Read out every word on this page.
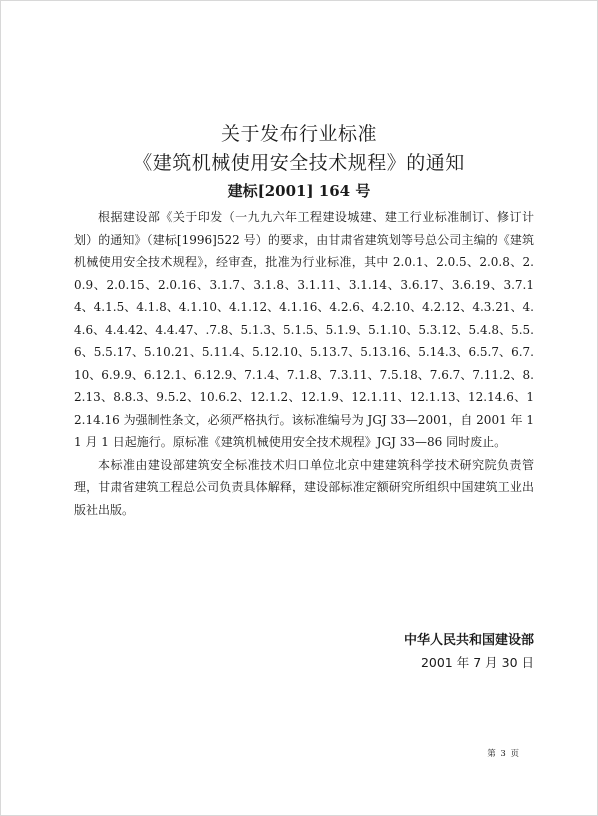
关于发布行业标准
《建筑机械使用安全技术规程》的通知
建标[2001] 164 号

根据建设部《关于印发（一九九六年工程建设城建、建工行业标准制订、修订计划）的通知》（建标[1996]522 号）的要求，由甘肃省建筑划等号总公司主编的《建筑机械使用安全技术规程》，经审查，批准为行业标准，其中 2.0.1、2.0.5、2.0.8、2.0.9、2.0.15、2.0.16、3.1.7、3.1.8、3.1.11、3.1.14、3.6.17、3.6.19、3.7.14、4.1.5、4.1.8、4.1.10、4.1.12、4.1.16、4.2.6、4.2.10、4.2.12、4.3.21、4.4.6、4.4.42、4.4.47、.7.8、5.1.3、5.1.5、5.1.9、5.1.10、5.3.12、5.4.8、5.5.6、5.5.17、5.10.21、5.11.4、5.12.10、5.13.7、5.13.16、5.14.3、6.5.7、6.7.10、6.9.9、6.12.1、6.12.9、7.1.4、7.1.8、7.3.11、7.5.18、7.6.7、7.11.2、8.2.13、8.8.3、9.5.2、10.6.2、12.1.2、12.1.9、12.1.11、12.1.13、12.14.6、12.14.16 为强制性条文，必须严格执行。该标准编号为 JGJ 33—2001，自 2001 年 11 月 1 日起施行。原标准《建筑机械使用安全技术规程》JGJ 33—86 同时废止。

本标准由建设部建筑安全标准技术归口单位北京中建建筑科学技术研究院负责管理，甘肃省建筑工程总公司负责具体解释，建设部标准定额研究所组织中国建筑工业出版社出版。

中华人民共和国建设部
2001 年 7 月 30 日
第 3 页
